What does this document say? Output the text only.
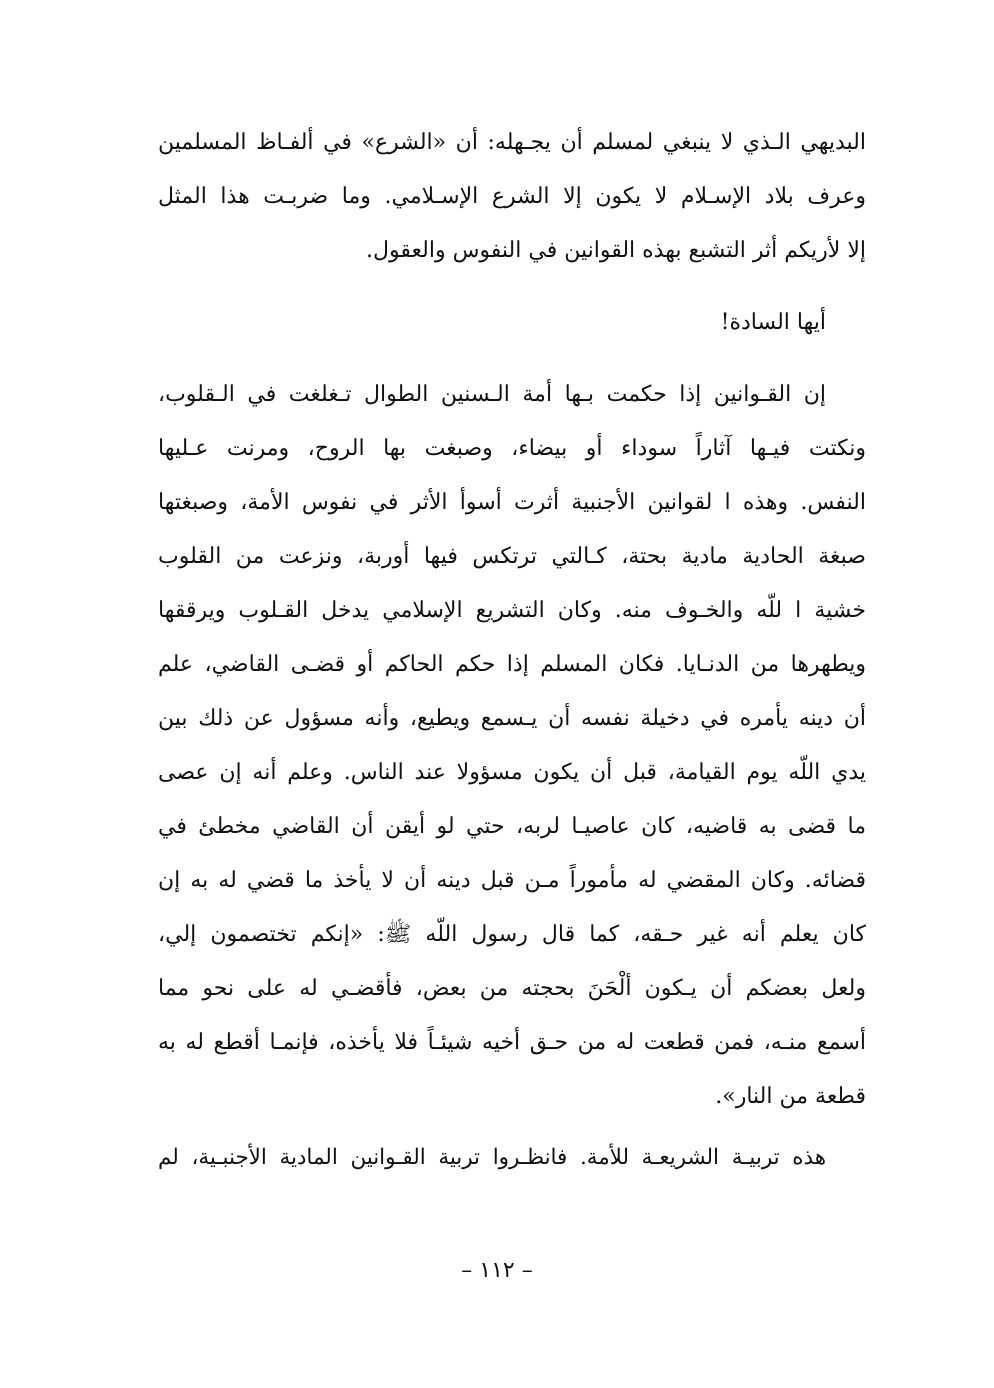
البديهي الـذي لا ينبغي لمسلم أن يجـهله: أن «الشرع» في ألفـاظ المسلمين
وعرف بلاد الإسـلام لا يكون إلا الشرع الإسـلامي. وما ضربـت هذا المثل
إلا لأريكم أثر التشبع بهذه القوانين في النفوس والعقول.
أيها السادة!
إن القـوانين إذا حكمت بـها أمة الـسنين الطوال تـغلغت في الـقلوب،
ونكتت فيـها آثاراً سوداء أو بيضاء، وصبغت بها الروح، ومرنت عـليها
النفس. وهذه ا لقوانين الأجنبية أثرت أسوأ الأثر في نفوس الأمة، وصبغتها
صبغة الحادية مادية بحتة، كـالتي ترتكس فيها أوربة، ونزعت من القلوب
خشية ا للّه والخـوف منه. وكان التشريع الإسلامي يدخل القـلوب ويرققها
ويطهرها من الدنـايا. فكان المسلم إذا حكم الحاكم أو قضـى القاضي، علم
أن دينه يأمره في دخيلة نفسه أن يـسمع ويطيع، وأنه مسؤول عن ذلك بين
يدي اللّه يوم القيامة، قبل أن يكون مسؤولا عند الناس. وعلم أنه إن عصى
ما قضى به قاضيه، كان عاصيـا لربه، حتي لو أيقن أن القاضي مخطئ في
قضائه. وكان المقضي له مأموراً مـن قبل دينه أن لا يأخذ ما قضي له به إن
كان يعلم أنه غير حـقه، كما قال رسول اللّه ﷺ: «إنكم تختصمون إلي،
ولعل بعضكم أن يـكون ألْحَنَ بحجته من بعض، فأقضـي له على نحو مما
أسمع منـه، فمن قطعت له من حـق أخيه شيئـاً فلا يأخذه، فإنمـا أقطع له به
قطعة من النار».
هذه تربيـة الشريعـة للأمة. فانظـروا تربية القـوانين المادية الأجنبـية، لم
– ١١٢ –
